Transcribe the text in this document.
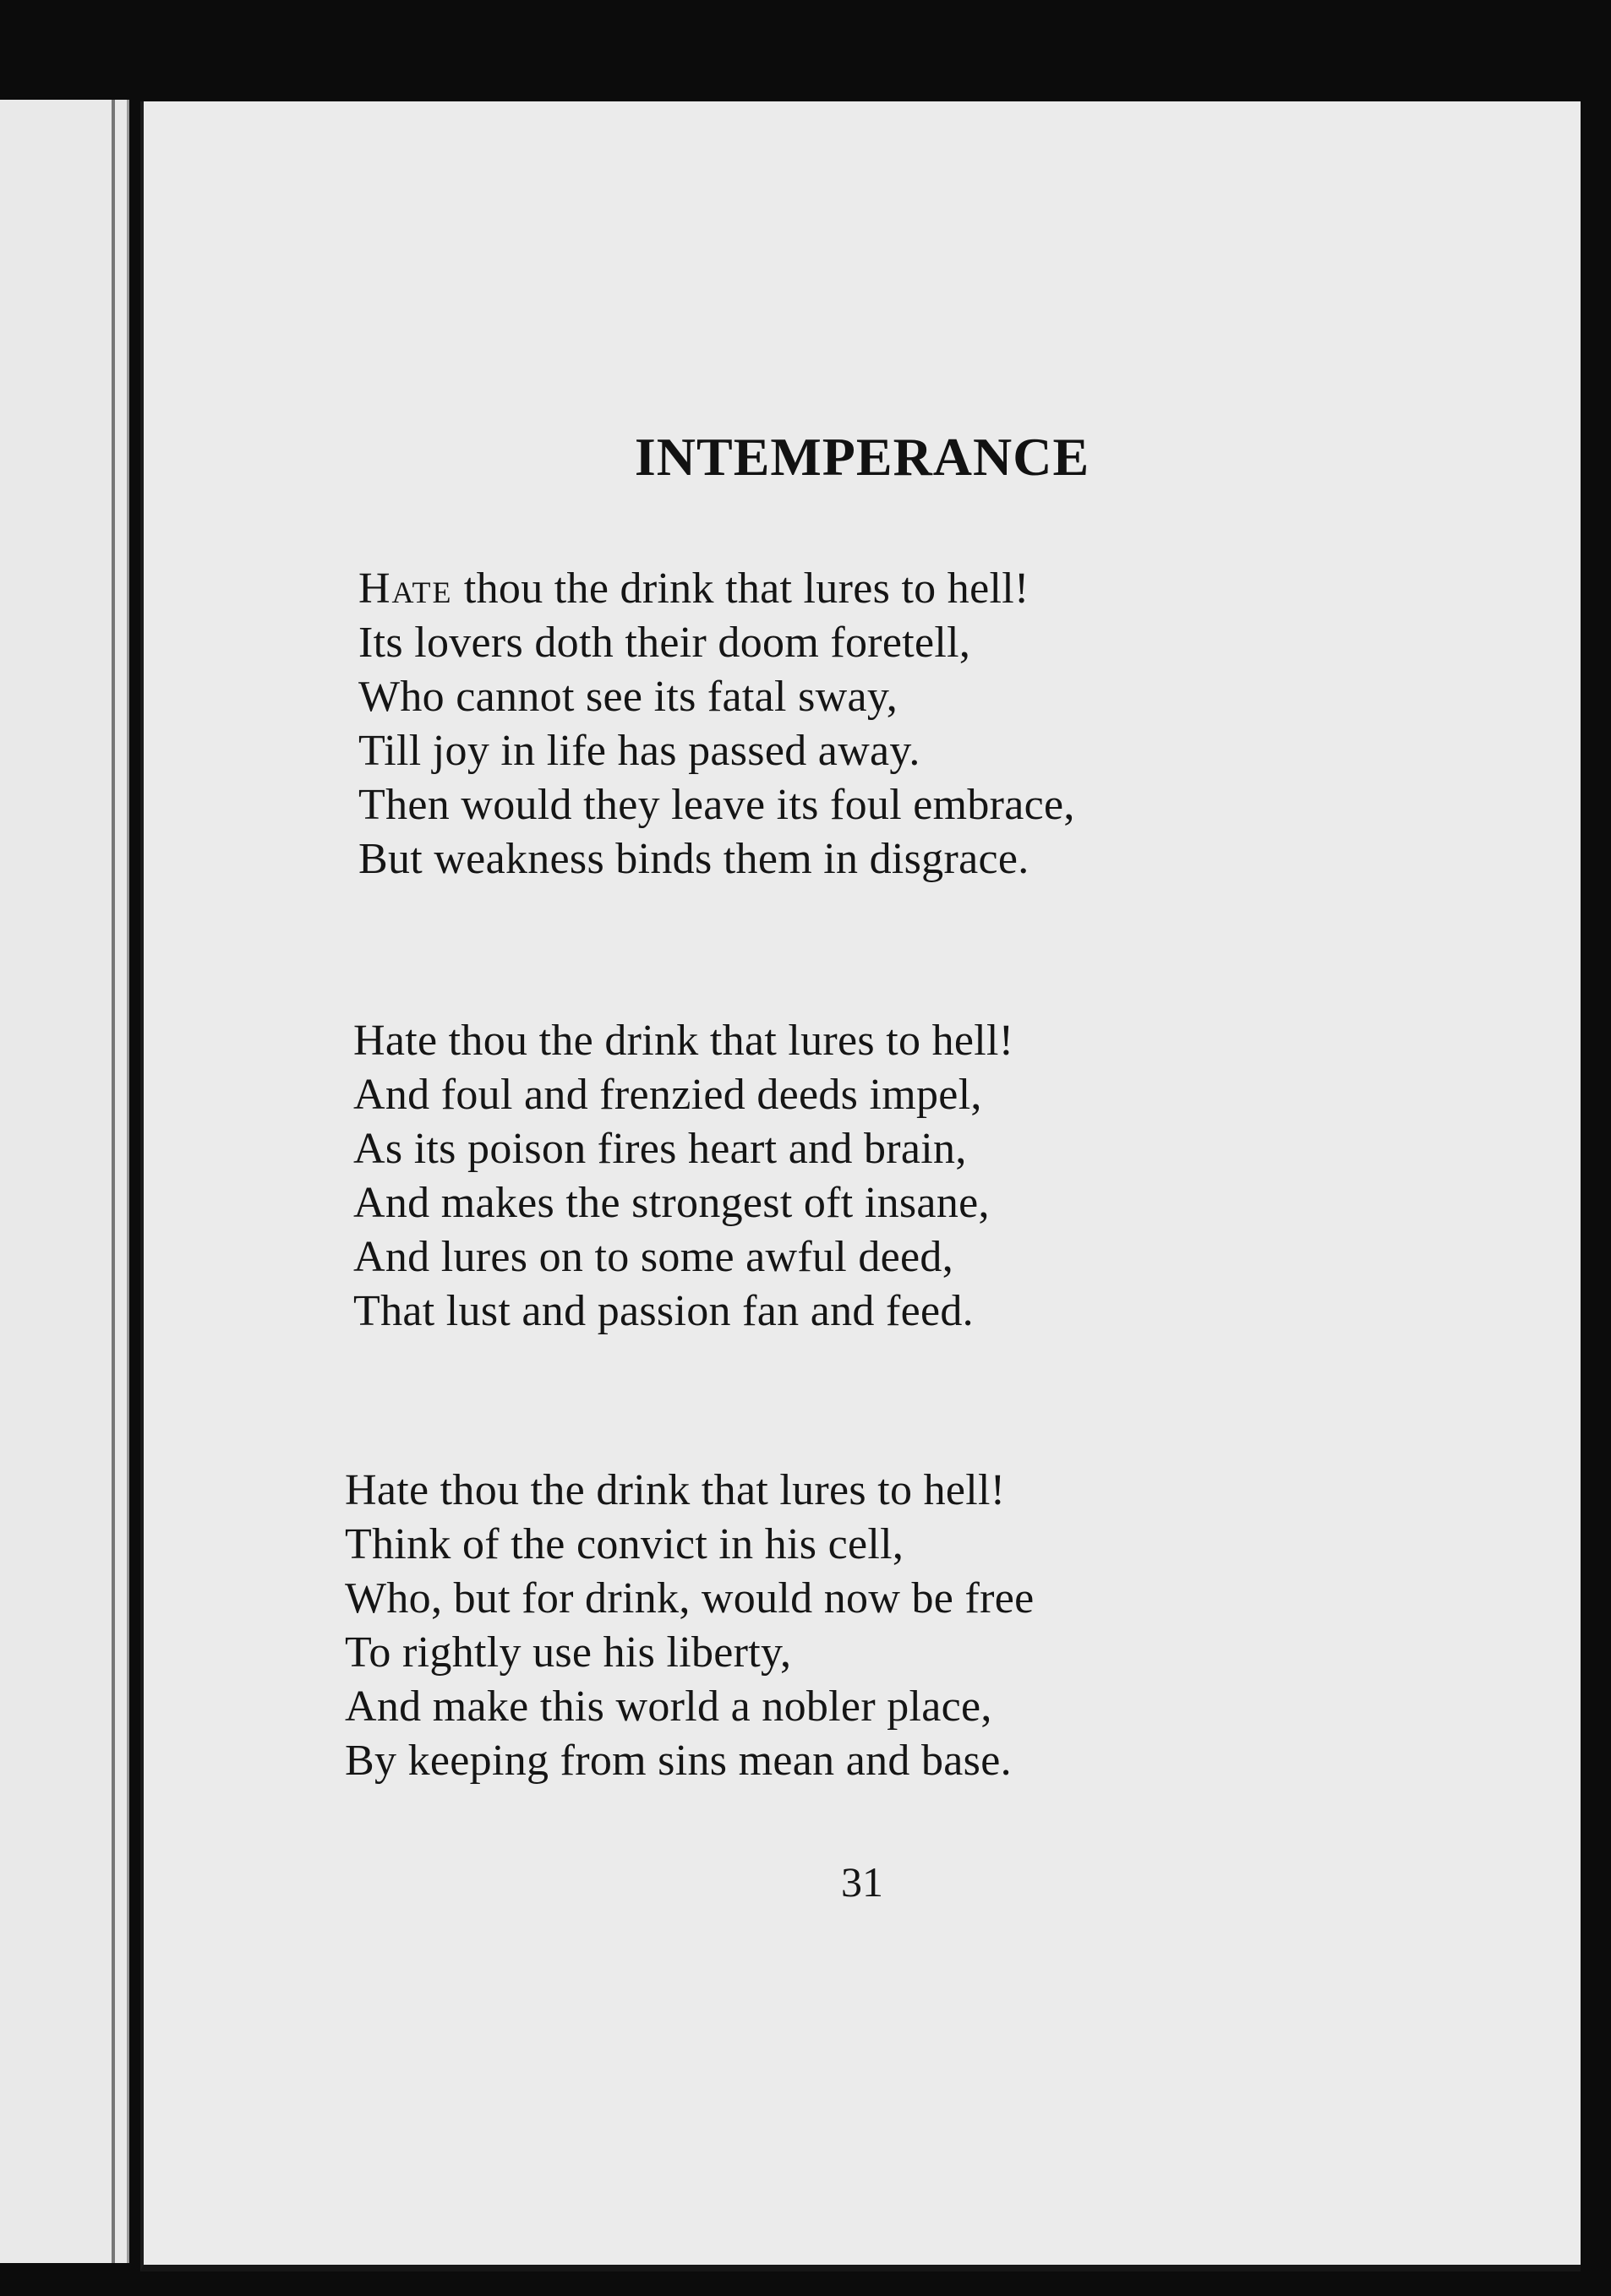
INTEMPERANCE
Hate thou the drink that lures to hell!
Its lovers doth their doom foretell,
Who cannot see its fatal sway,
Till joy in life has passed away.
Then would they leave its foul embrace,
But weakness binds them in disgrace.
Hate thou the drink that lures to hell!
And foul and frenzied deeds impel,
As its poison fires heart and brain,
And makes the strongest oft insane,
And lures on to some awful deed,
That lust and passion fan and feed.
Hate thou the drink that lures to hell!
Think of the convict in his cell,
Who, but for drink, would now be free
To rightly use his liberty,
And make this world a nobler place,
By keeping from sins mean and base.
31
